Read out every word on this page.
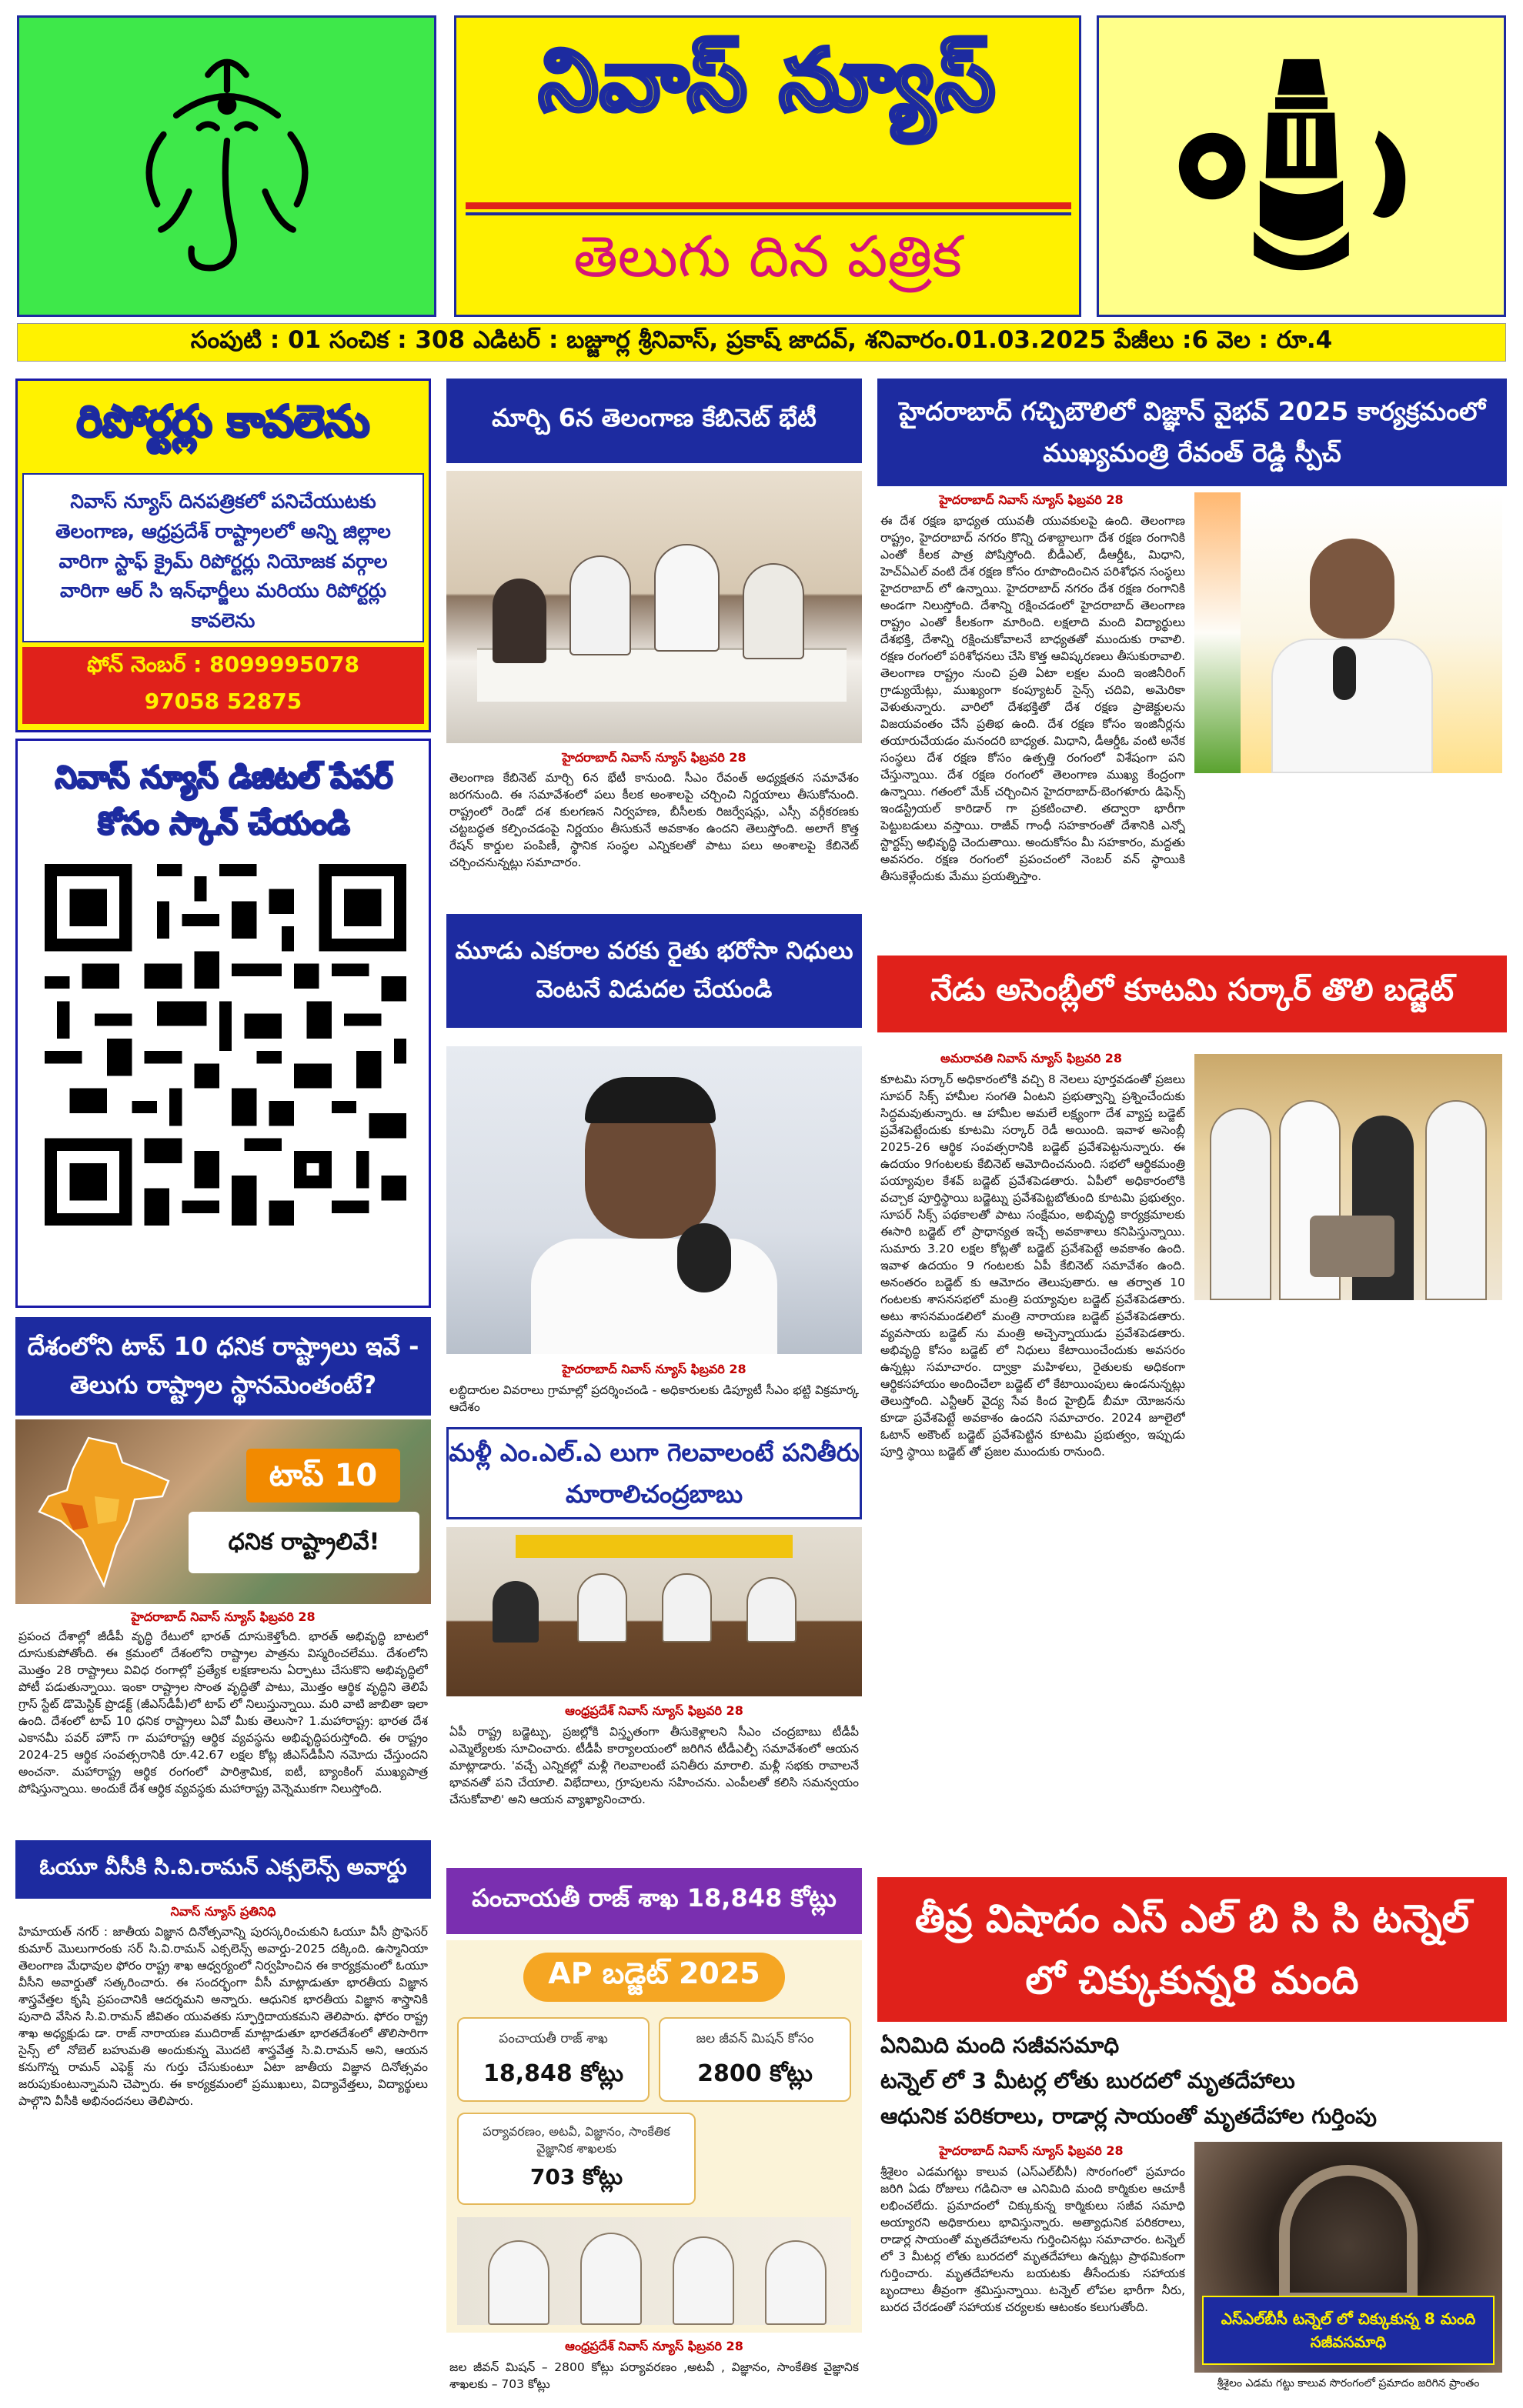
నివాస్ న్యూస్
తెలుగు దిన పత్రిక
సంపుటి : 01 సంచిక : 308 ఎడిటర్ : బజ్జూర్ల శ్రీనివాస్, ప్రకాష్ జాదవ్, శనివారం.01.03.2025 పేజీలు :6 వెల : రూ.4
రిపోర్టర్లు కావలెను
నివాస్ న్యూస్ దినపత్రికలో పనిచేయుటకు తెలంగాణ, ఆధ్రప్రదేశ్ రాష్ట్రాలలో అన్ని జిల్లాల వారిగా స్టాఫ్ క్రైమ్ రిపోర్టర్లు నియోజక వర్గాల వారిగా ఆర్ సి ఇన్‌ఛార్జీలు మరియు రిపోర్టర్లు కావలెను
ఫోన్ నెంబర్ : 8099995078
97058 52875
నివాస్ న్యూస్ డిజిటల్ పేపర్ కోసం స్కాన్ చేయండి
దేశంలోని టాప్ 10 ధనిక రాష్ట్రాలు ఇవే - తెలుగు రాష్ట్రాల స్థానమెంతంటే?
టాప్ 10
ధనిక రాష్ట్రాలివే!
హైదరాబాద్ నివాస్ న్యూస్ ఫిబ్రవరి 28
ప్రపంచ దేశాల్లో జీడీపీ వృద్ధి రేటులో భారత్ దూసుకెళ్తోంది. భారత్ అభివృద్ధి బాటలో దూసుకుపోతోంది. ఈ క్రమంలో దేశంలోని రాష్ట్రాల పాత్రను విస్మరించలేము. దేశంలోని మొత్తం 28 రాష్ట్రాలు వివిధ రంగాల్లో ప్రత్యేక లక్షణాలను ఏర్పాటు చేసుకొని అభివృద్ధిలో పోటీ పడుతున్నాయి. ఇంకా రాష్ట్రాల సొంత వృద్ధితో పాటు, మొత్తం ఆర్థిక వృద్ధిని తెలిపే గ్రాస్ స్టేట్ డొమెస్టిక్ ప్రొడక్ట్ (జీఎస్‌డీపీ)లో టాప్ లో నిలుస్తున్నాయి. మరి వాటి జాబితా ఇలా ఉంది. దేశంలో టాప్ 10 ధనిక రాష్ట్రాలు ఏవో మీకు తెలుసా? 1.మహారాష్ట్ర: భారత దేశ ఎకానమీ పవర్ హౌస్ గా మహారాష్ట్ర ఆర్థిక వ్యవస్థను అభివృద్ధిపరుస్తోంది. ఈ రాష్ట్రం 2024-25 ఆర్థిక సంవత్సరానికి రూ.42.67 లక్షల కోట్ల జీఎస్‌డీపీని నమోదు చేస్తుందని అంచనా. మహారాష్ట్ర ఆర్థిక రంగంలో పారిశ్రామిక, ఐటీ, బ్యాంకింగ్ ముఖ్యపాత్ర పోషిస్తున్నాయి. అందుకే దేశ ఆర్థిక వ్యవస్థకు మహారాష్ట్ర వెన్నెముకగా నిలుస్తోంది.
ఓయూ వీసీకి సి.వి.రామన్ ఎక్సలెన్స్ అవార్డు
నివాస్ న్యూస్ ప్రతినిధి
హిమాయత్ నగర్ : జాతీయ విజ్ఞాన దినోత్సవాన్ని పురస్కరించుకుని ఓయూ వీసీ ప్రొఫెసర్ కుమార్ మొలుగారంకు సర్ సి.వి.రామన్ ఎక్సలెన్స్ అవార్డు-2025 దక్కింది. ఉస్మానియా తెలంగాణ మేధావుల ఫోరం రాష్ట్ర శాఖ ఆధ్వర్యంలో నిర్వహించిన ఈ కార్యక్రమంలో ఓయూ వీసీని అవార్డుతో సత్కరించారు. ఈ సందర్భంగా వీసీ మాట్లాడుతూ భారతీయ విజ్ఞాన శాస్త్రవేత్తల కృషి ప్రపంచానికి ఆదర్శమని అన్నారు. ఆధునిక భారతీయ విజ్ఞాన శాస్త్రానికి పునాది వేసిన సి.వి.రామన్ జీవితం యువతకు స్ఫూర్తిదాయకమని తెలిపారు. ఫోరం రాష్ట్ర శాఖ అధ్యక్షుడు డా. రాజ్ నారాయణ ముదిరాజ్ మాట్లాడుతూ భారతదేశంలో తొలిసారిగా సైన్స్ లో నోబెల్ బహుమతి అందుకున్న మొదటి శాస్త్రవేత్త సి.వి.రామన్ అని, ఆయన కనుగొన్న రామన్ ఎఫెక్ట్ ను గుర్తు చేసుకుంటూ ఏటా జాతీయ విజ్ఞాన దినోత్సవం జరుపుకుంటున్నామని చెప్పారు. ఈ కార్యక్రమంలో ప్రముఖులు, విద్యావేత్తలు, విద్యార్థులు పాల్గొని వీసీకి అభినందనలు తెలిపారు.
మార్చి 6న తెలంగాణ కేబినెట్ భేటీ
హైదరాబాద్ నివాస్ న్యూస్ ఫిబ్రవరి 28
తెలంగాణ కేబినెట్ మార్చి 6న భేటీ కానుంది. సీఎం రేవంత్ అధ్యక్షతన సమావేశం జరగనుంది. ఈ సమావేశంలో పలు కీలక అంశాలపై చర్చించి నిర్ణయాలు తీసుకోనుంది. రాష్ట్రంలో రెండో దశ కులగణన నిర్వహణ, బీసీలకు రిజర్వేషన్లు, ఎస్సీ వర్గీకరణకు చట్టబద్ధత కల్పించడంపై నిర్ణయం తీసుకునే అవకాశం ఉందని తెలుస్తోంది. అలాగే కొత్త రేషన్ కార్డుల పంపిణీ, స్థానిక సంస్థల ఎన్నికలతో పాటు పలు అంశాలపై కేబినెట్ చర్చించనున్నట్లు సమాచారం.
మూడు ఎకరాల వరకు రైతు భరోసా నిధులు వెంటనే విడుదల చేయండి
హైదరాబాద్ నివాస్ న్యూస్ ఫిబ్రవరి 28
లబ్ధిదారుల వివరాలు గ్రామాల్లో ప్రదర్శించండి - అధికారులకు డిప్యూటీ సీఎం భట్టి విక్రమార్క ఆదేశం
మళ్లీ ఎం.ఎల్.ఎ లుగా గెలవాలంటే పనితీరు మారాలిచంద్రబాబు
ఆంధ్రప్రదేశ్ నివాస్ న్యూస్ ఫిబ్రవరి 28
ఏపీ రాష్ట్ర బడ్జెట్పు, ప్రజల్లోకి విస్తృతంగా తీసుకెళ్లాలని సీఎం చంద్రబాబు టీడీపీ ఎమ్మెల్యేలకు సూచించారు. టీడీపీ కార్యాలయంలో జరిగిన టీడీఎల్పీ సమావేశంలో ఆయన మాట్లాడారు. 'వచ్చే ఎన్నికల్లో మళ్లీ గెలవాలంటే పనితీరు మారాలి. మళ్లీ సభకు రావాలనే భావనతో పని చేయాలి. విభేదాలు, గ్రూపులను సహించను. ఎంపీలతో కలిసి సమన్వయం చేసుకోవాలి' అని ఆయన వ్యాఖ్యానించారు.
పంచాయతీ రాజ్ శాఖ 18,848 కోట్లు
AP బడ్జెట్ 2025
పంచాయతీ రాజ్ శాఖ
18,848 కోట్లు
జల జీవన్ మిషన్ కోసం
2800 కోట్లు
పర్యావరణం, అటవీ, విజ్ఞానం, సాంకేతిక వైజ్ఞానిక శాఖలకు
703 కోట్లు
ఆంధ్రప్రదేశ్ నివాస్ న్యూస్ ఫిబ్రవరి 28
జల జీవన్ మిషన్ – 2800 కోట్లు పర్యావరణం ,అటవీ , విజ్ఞానం, సాంకేతిక వైజ్ఞానిక శాఖలకు – 703 కోట్లు
హైదరాబాద్ గచ్చిబౌలిలో విజ్ఞాన్ వైభవ్ 2025 కార్యక్రమంలో ముఖ్యమంత్రి రేవంత్ రెడ్డి స్పీచ్
హైదరాబాద్ నివాస్ న్యూస్ ఫిబ్రవరి 28
ఈ దేశ రక్షణ భాధ్యత యువతీ యువకులపై ఉంది. తెలంగాణ రాష్ట్రం, హైదరాబాద్ నగరం కొన్ని దశాబ్దాలుగా దేశ రక్షణ రంగానికి ఎంతో కీలక పాత్ర పోషిస్తోంది. బీడీఎల్, డీఆర్డీఓ, మిధాని, హెచ్ఏఎల్ వంటి దేశ రక్షణ కోసం రూపొందించిన పరిశోధన సంస్థలు హైదరాబాద్ లో ఉన్నాయి. హైదరాబాద్ నగరం దేశ రక్షణ రంగానికి అండగా నిలుస్తోంది. దేశాన్ని రక్షించడంలో హైదరాబాద్ తెలంగాణ రాష్ట్రం ఎంతో కీలకంగా మారింది. లక్షలాది మంది విద్యార్థులు దేశభక్తి, దేశాన్ని రక్షించుకోవాలనే బాధ్యతతో ముందుకు రావాలి. రక్షణ రంగంలో పరిశోధనలు చేసి కొత్త ఆవిష్కరణలు తీసుకురావాలి. తెలంగాణ రాష్ట్రం నుంచి ప్రతి ఏటా లక్షల మంది ఇంజినీరింగ్ గ్రాడ్యుయేట్లు, ముఖ్యంగా కంప్యూటర్ సైన్స్ చదివి, అమెరికా వెళుతున్నారు. వారిలో దేశభక్తితో దేశ రక్షణ ప్రాజెక్టులను విజయవంతం చేసే ప్రతిభ ఉంది. దేశ రక్షణ కోసం ఇంజినీర్లను తయారుచేయడం మనందరి బాధ్యత. మిధాని, డీఆర్డీఓ వంటి అనేక సంస్థలు దేశ రక్షణ కోసం ఉత్పత్తి రంగంలో విశేషంగా పని చేస్తున్నాయి. దేశ రక్షణ రంగంలో తెలంగాణ ముఖ్య కేంద్రంగా ఉన్నాయి. గతంలో మేక్ చర్చించిన హైదరాబాద్-బెంగళూరు డిఫెన్స్ ఇండస్ట్రియల్ కారిడార్ గా ప్రకటించాలి. తద్వారా భారీగా పెట్టుబడులు వస్తాయి. రాజీవ్ గాంధీ సహకారంతో దేశానికి ఎన్నో స్టార్టప్స్ అభివృద్ధి చెందుతాయి. అందుకోసం మీ సహకారం, మద్దతు అవసరం. రక్షణ రంగంలో ప్రపంచంలో నెంబర్ వన్ స్థాయికి తీసుకెళ్లేందుకు మేము ప్రయత్నిస్తాం.
నేడు అసెంబ్లీలో కూటమి సర్కార్ తొలి బడ్జెట్
అమరావతి నివాస్ న్యూస్ ఫిబ్రవరి 28
కూటమి సర్కార్ అధికారంలోకి వచ్చి 8 నెలలు పూర్తవడంతో ప్రజలు సూపర్ సిక్స్ హామీల సంగతి ఏంటని ప్రభుత్వాన్ని ప్రశ్నించేందుకు సిద్ధమవుతున్నారు. ఆ హామీల అమలే లక్ష్యంగా దేశ వ్యాప్త బడ్జెట్ ప్రవేశపెట్టేందుకు కూటమి సర్కార్ రెడీ అయింది. ఇవాళ అసెంబ్లీ 2025-26 ఆర్థిక సంవత్సరానికి బడ్జెట్ ప్రవేశపెట్టనున్నారు. ఈ ఉదయం 9గంటలకు కేబినెట్ ఆమోదించనుంది. సభలో ఆర్థికమంత్రి పయ్యావుల కేశవ్ బడ్జెట్ ప్రవేశపెడతారు. ఏపీలో అధికారంలోకి వచ్చాక పూర్తిస్థాయి బడ్జెట్ను ప్రవేశపెట్టబోతుంది కూటమి ప్రభుత్వం. సూపర్ సిక్స్ పథకాలతో పాటు సంక్షేమం, అభివృద్ధి కార్యక్రమాలకు ఈసారి బడ్జెట్ లో ప్రాధాన్యత ఇచ్చే అవకాశాలు కనిపిస్తున్నాయి. సుమారు 3.20 లక్షల కోట్లతో బడ్జెట్ ప్రవేశపెట్టే అవకాశం ఉంది. ఇవాళ ఉదయం 9 గంటలకు ఏపీ కేబినెట్ సమావేశం ఉంది. అనంతరం బడ్జెట్ కు ఆమోదం తెలుపుతారు. ఆ తర్వాత 10 గంటలకు శాసనసభలో మంత్రి పయ్యావుల బడ్జెట్ ప్రవేశపెడతారు. అటు శాసనమండలిలో మంత్రి నారాయణ బడ్జెట్ ప్రవేశపెడతారు. వ్యవసాయ బడ్జెట్ ను మంత్రి అచ్చెన్నాయుడు ప్రవేశపెడతారు. అభివృద్ధి కోసం బడ్జెట్ లో నిధులు కేటాయించేందుకు అవసరం ఉన్నట్లు సమాచారం. ద్వాక్రా మహిళలు, రైతులకు అధికంగా ఆర్థికసహాయం అందించేలా బడ్జెట్ లో కేటాయింపులు ఉండనున్నట్లు తెలుస్తోంది. ఎన్టీఆర్ వైద్య సేవ కింద హైబ్రిడ్ బీమా యోజనను కూడా ప్రవేశపెట్టే అవకాశం ఉందని సమాచారం. 2024 జూలైలో ఓటాన్ అకౌంట్ బడ్జెట్ ప్రవేశపెట్టిన కూటమి ప్రభుత్వం, ఇప్పుడు పూర్తి స్థాయి బడ్జెట్ తో ప్రజల ముందుకు రానుంది.
తీవ్ర విషాదం ఎస్ ఎల్ బి సి సి టన్నెల్ లో చిక్కుకున్న8 మంది
ఏనిమిది మంది సజీవసమాధి
టన్నెల్ లో 3 మీటర్ల లోతు బురదలో మృతదేహాలు
ఆధునిక పరికరాలు, రాడార్ల సాయంతో మృతదేహాల గుర్తింపు
హైదరాబాద్ నివాస్ న్యూస్ ఫిబ్రవరి 28
శ్రీశైలం ఎడమగట్టు కాలువ (ఎస్‌ఎల్‌బీసీ) సొరంగంలో ప్రమాదం జరిగి ఏడు రోజులు గడిచినా ఆ ఎనిమిది మంది కార్మికుల ఆచూకీ లభించలేదు. ప్రమాదంలో చిక్కుకున్న కార్మికులు సజీవ సమాధి అయ్యారని అధికారులు భావిస్తున్నారు. అత్యాధునిక పరికరాలు, రాడార్ల సాయంతో మృతదేహాలను గుర్తించినట్లు సమాచారం. టన్నెల్ లో 3 మీటర్ల లోతు బురదలో మృతదేహాలు ఉన్నట్లు ప్రాథమికంగా గుర్తించారు. మృతదేహాలను బయటకు తీసేందుకు సహాయక బృందాలు తీవ్రంగా శ్రమిస్తున్నాయి. టన్నెల్ లోపల భారీగా నీరు, బురద చేరడంతో సహాయక చర్యలకు ఆటంకం కలుగుతోంది.
ఎస్ఎల్‌బీసీ టన్నెల్ లో చిక్కుకున్న 8 మంది సజీవసమాధి
శ్రీశైలం ఎడమ గట్టు కాలువ సొరంగంలో ప్రమాదం జరిగిన ప్రాంతం
